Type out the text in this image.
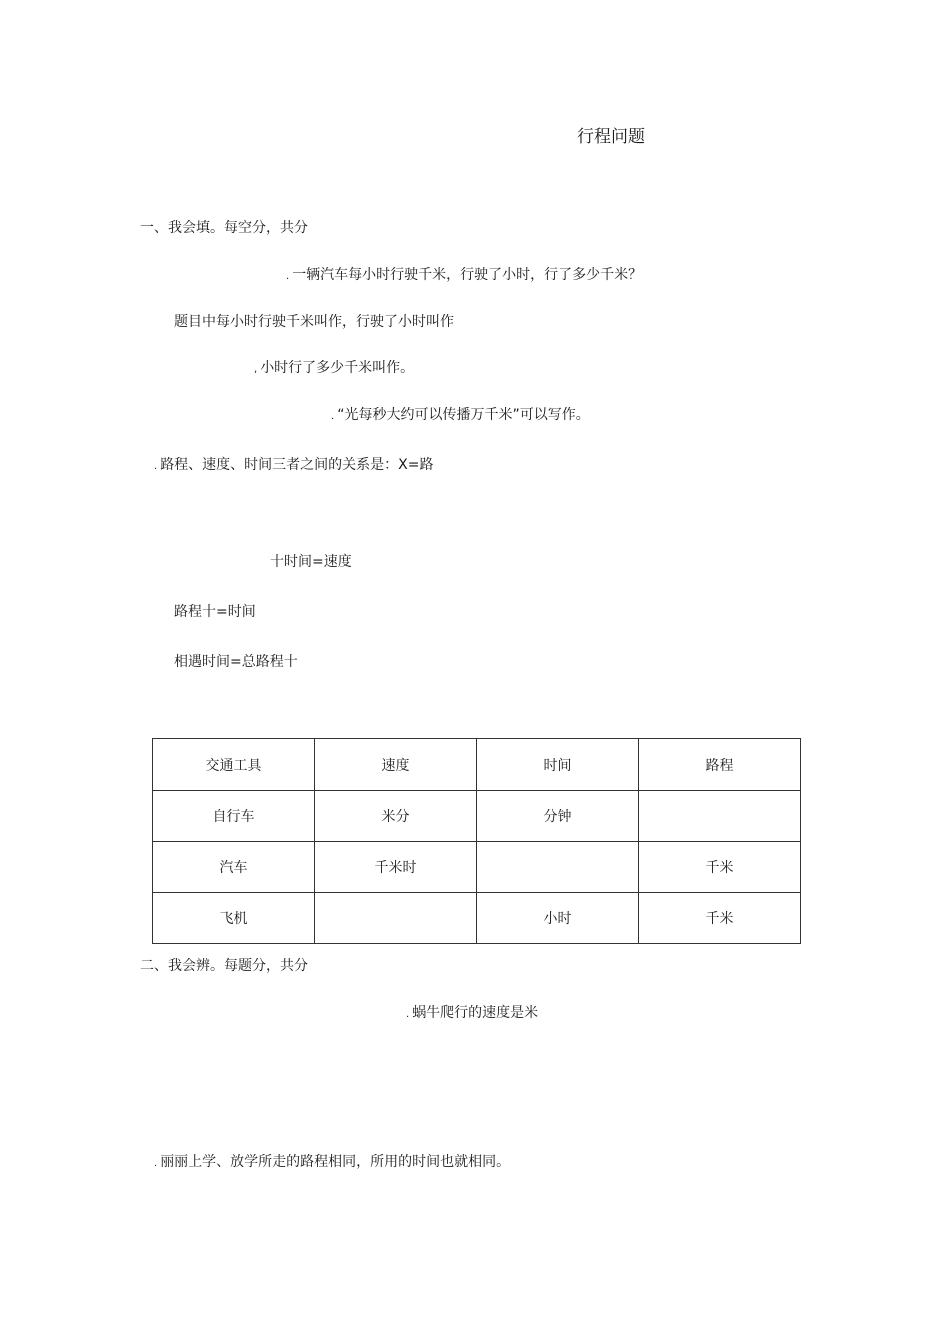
行程问题
一、我会填。每空分，共分
. 一辆汽车每小时行驶千米，行驶了小时，行了多少千米？
题目中每小时行驶千米叫作，行驶了小时叫作
, 小时行了多少千米叫作。
. “光每秒大约可以传播万千米”可以写作。
. 路程、速度、时间三者之间的关系是：X=路
十时间=速度
路程十=时间
相遇时间=总路程十
交通工具	速度	时间	路程
自行车	米分	分钟	
汽车	千米时		千米
飞机		小时	千米
二、我会辨。每题分，共分
. 蜗牛爬行的速度是米
. 丽丽上学、放学所走的路程相同，所用的时间也就相同。
